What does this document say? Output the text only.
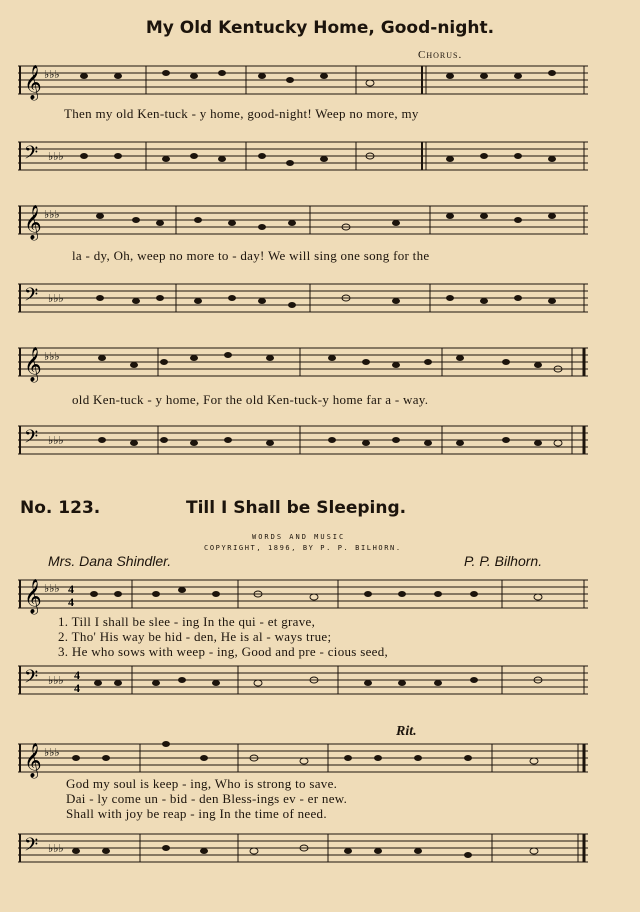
My Old Kentucky Home, Good-night.
Chorus.
𝄞 ♭♭♭
Then my old Ken-tuck - y home, good-night! Weep no more, my
𝄢 ♭♭♭
𝄞 ♭♭♭
la - dy, Oh, weep no more to - day! We will sing one song for the
𝄢 ♭♭♭
𝄞 ♭♭♭
old Ken-tuck - y home, For the old Ken-tuck-y home far a - way.
𝄢 ♭♭♭
No. 123.	Till I Shall be Sleeping.
WORDS AND MUSIC
COPYRIGHT, 1896, BY P. P. BILHORN.
Mrs. Dana Shindler.	P. P. Bilhorn.
𝄞 ♭♭♭ 4
4
1. Till I shall be slee - ing In the qui - et grave,
2. Tho' His way be hid - den, He is al - ways true;
3. He who sows with weep - ing, Good and pre - cious seed,
𝄢 ♭♭♭ 4
4
Rit.
𝄞 ♭♭♭
God my soul is keep - ing, Who is strong to save.
Dai - ly come un - bid - den Bless-ings ev - er new.
Shall with joy be reap - ing In the time of need.
𝄢 ♭♭♭
